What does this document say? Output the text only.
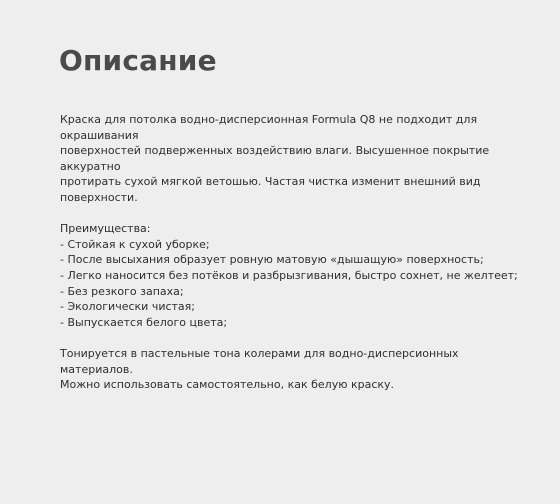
Описание

Краска для потолка водно-дисперсионная Formula Q8 не подходит для окрашивания

поверхностей подверженных воздействию влаги. Высушенное покрытие аккуратно

протирать сухой мягкой ветошью. Частая чистка изменит внешний вид поверхности.

Преимущества:

- Стойкая к сухой уборке;
- После высыхания образует ровную матовую «дышащую» поверхность;
- Легко наносится без потёков и разбрызгивания, быстро сохнет, не желтеет;
- Без резкого запаха;
- Экологически чистая;
- Выпускается белого цвета;

Тонируется в пастельные тона колерами для водно-дисперсионных материалов.

Можно использовать самостоятельно, как белую краску.
